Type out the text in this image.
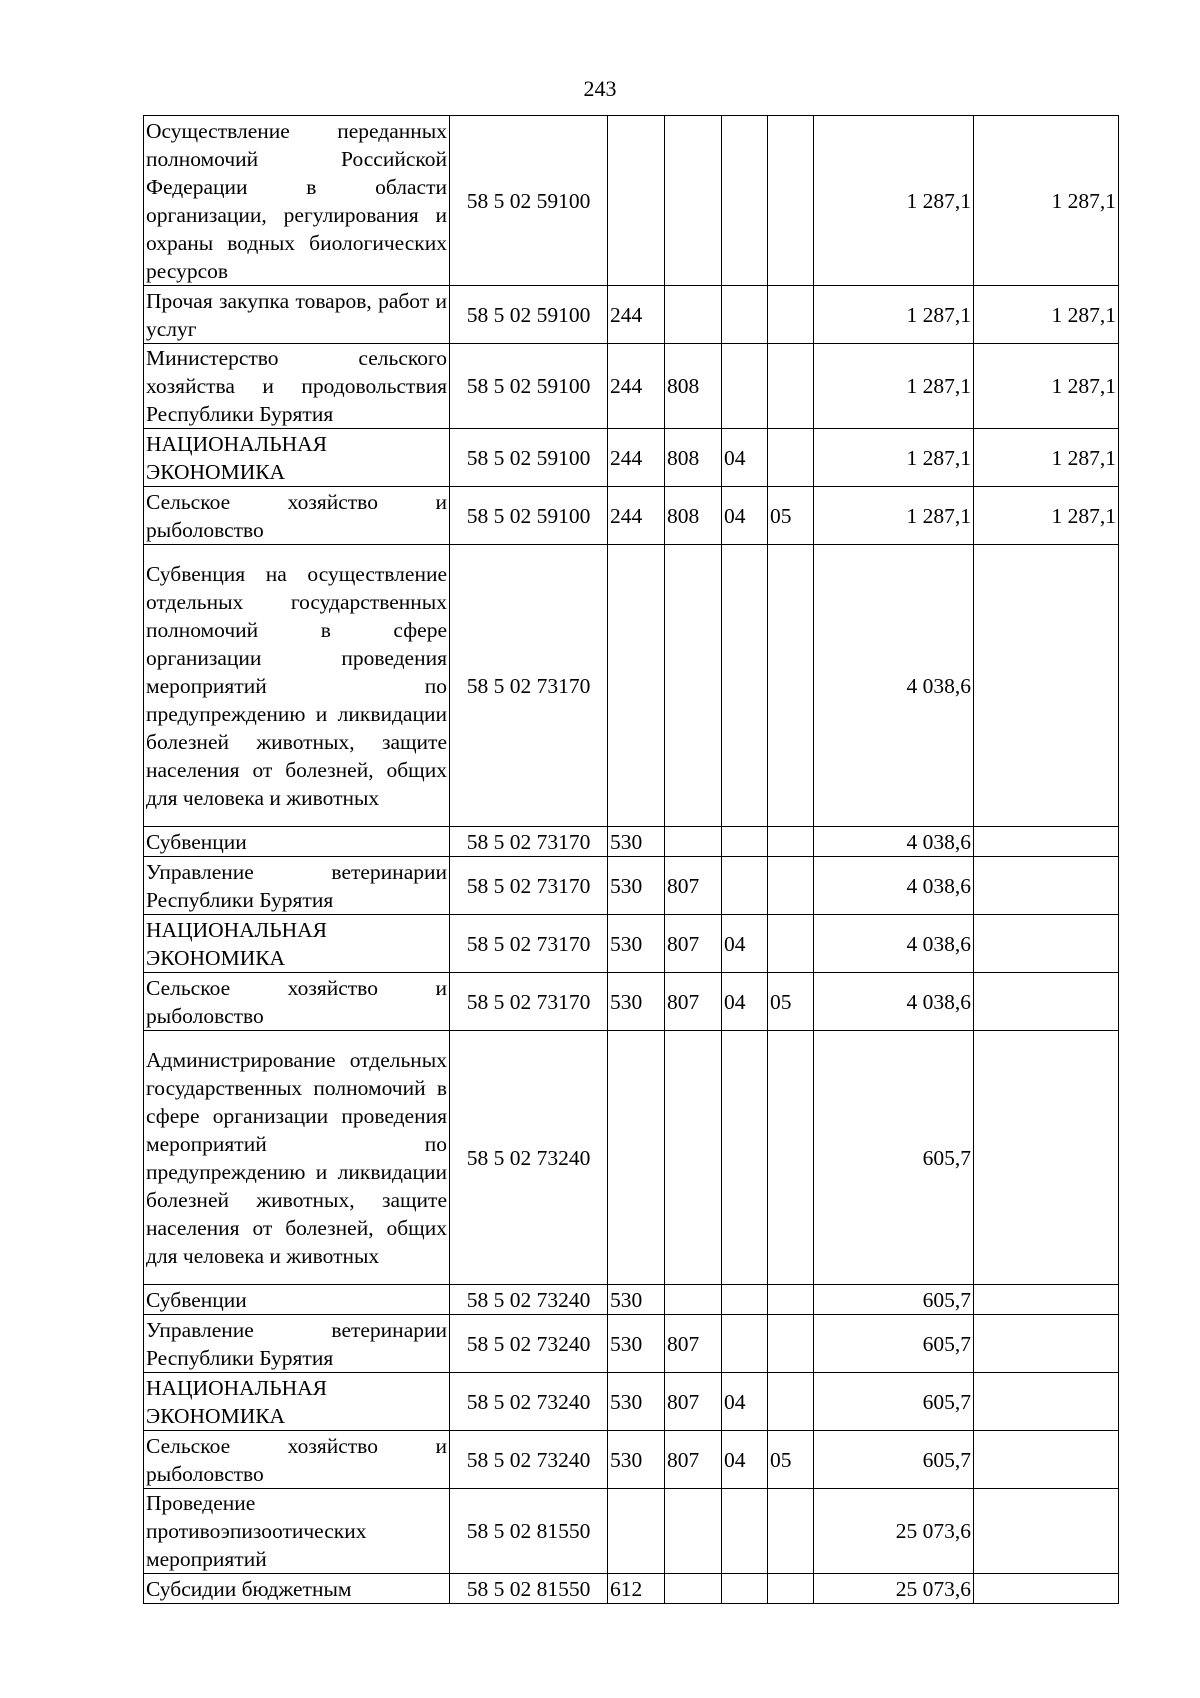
243
Осуществление переданных полномочий Российской Федерации в области организации, регулирования и охраны водных биологических ресурсов	58 5 02 59100					1 287,1	1 287,1
Прочая закупка товаров, работ и услуг	58 5 02 59100	244				1 287,1	1 287,1
Министерство сельского хозяйства и продовольствия Республики Бурятия	58 5 02 59100	244	808			1 287,1	1 287,1
НАЦИОНАЛЬНАЯ ЭКОНОМИКА	58 5 02 59100	244	808	04		1 287,1	1 287,1
Сельское хозяйство и рыболовство	58 5 02 59100	244	808	04	05	1 287,1	1 287,1
Субвенция на осуществление отдельных государственных полномочий в сфере организации проведения мероприятий по предупреждению и ликвидации болезней животных, защите населения от болезней, общих для человека и животных	58 5 02 73170					4 038,6	
Субвенции	58 5 02 73170	530				4 038,6	
Управление ветеринарии Республики Бурятия	58 5 02 73170	530	807			4 038,6	
НАЦИОНАЛЬНАЯ ЭКОНОМИКА	58 5 02 73170	530	807	04		4 038,6	
Сельское хозяйство и рыболовство	58 5 02 73170	530	807	04	05	4 038,6	
Администрирование отдельных государственных полномочий в сфере организации проведения мероприятий по предупреждению и ликвидации болезней животных, защите населения от болезней, общих для человека и животных	58 5 02 73240					605,7	
Субвенции	58 5 02 73240	530				605,7	
Управление ветеринарии Республики Бурятия	58 5 02 73240	530	807			605,7	
НАЦИОНАЛЬНАЯ ЭКОНОМИКА	58 5 02 73240	530	807	04		605,7	
Сельское хозяйство и рыболовство	58 5 02 73240	530	807	04	05	605,7	
Проведение противоэпизоотических мероприятий	58 5 02 81550					25 073,6	
Субсидии бюджетным	58 5 02 81550	612				25 073,6	
